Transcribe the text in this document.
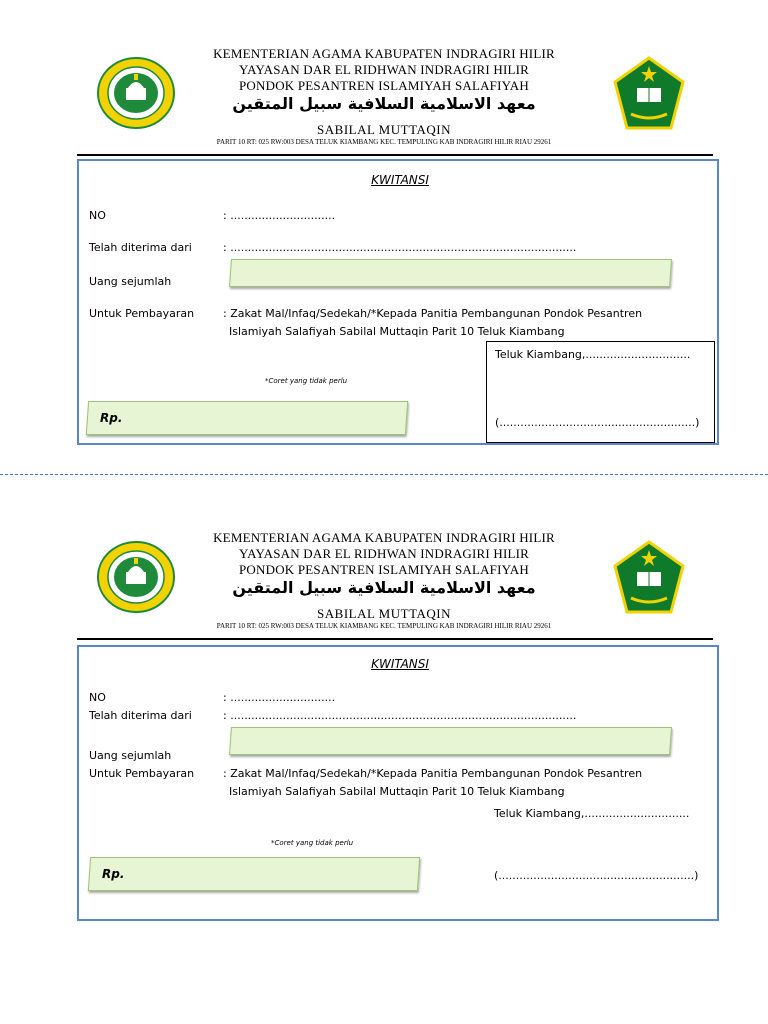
KEMENTERIAN AGAMA KABUPATEN INDRAGIRI HILIR
YAYASAN DAR EL RIDHWAN INDRAGIRI HILIR
PONDOK PESANTREN ISLAMIYAH SALAFIYAH
معهد الاسلامية السلافية سبيل المتقين
SABILAL MUTTAQIN
PARIT 10 RT: 025 RW:003 DESA TELUK KIAMBANG KEC. TEMPULING KAB INDRAGIRI HILIR RIAU 29261
KWITANSI
NO	: ..............................
Telah diterima dari	: ...................................................................................................
Uang sejumlah
Untuk Pembayaran	: Zakat Mal/Infaq/Sedekah/*Kepada Panitia Pembangunan Pondok Pesantren
Islamiyah Salafiyah Sabilal Muttaqin Parit 10 Teluk Kiambang
*Coret yang tidak perlu
Rp.
Teluk Kiambang,..............................
(........................................................)
KEMENTERIAN AGAMA KABUPATEN INDRAGIRI HILIR
YAYASAN DAR EL RIDHWAN INDRAGIRI HILIR
PONDOK PESANTREN ISLAMIYAH SALAFIYAH
معهد الاسلامية السلافية سبيل المتقين
SABILAL MUTTAQIN
PARIT 10 RT: 025 RW:003 DESA TELUK KIAMBANG KEC. TEMPULING KAB INDRAGIRI HILIR RIAU 29261
KWITANSI
NO	: ..............................
Telah diterima dari	: ...................................................................................................
Uang sejumlah
Untuk Pembayaran	: Zakat Mal/Infaq/Sedekah/*Kepada Panitia Pembangunan Pondok Pesantren
Islamiyah Salafiyah Sabilal Muttaqin Parit 10 Teluk Kiambang
Teluk Kiambang,..............................
*Coret yang tidak perlu
Rp.	(........................................................)
